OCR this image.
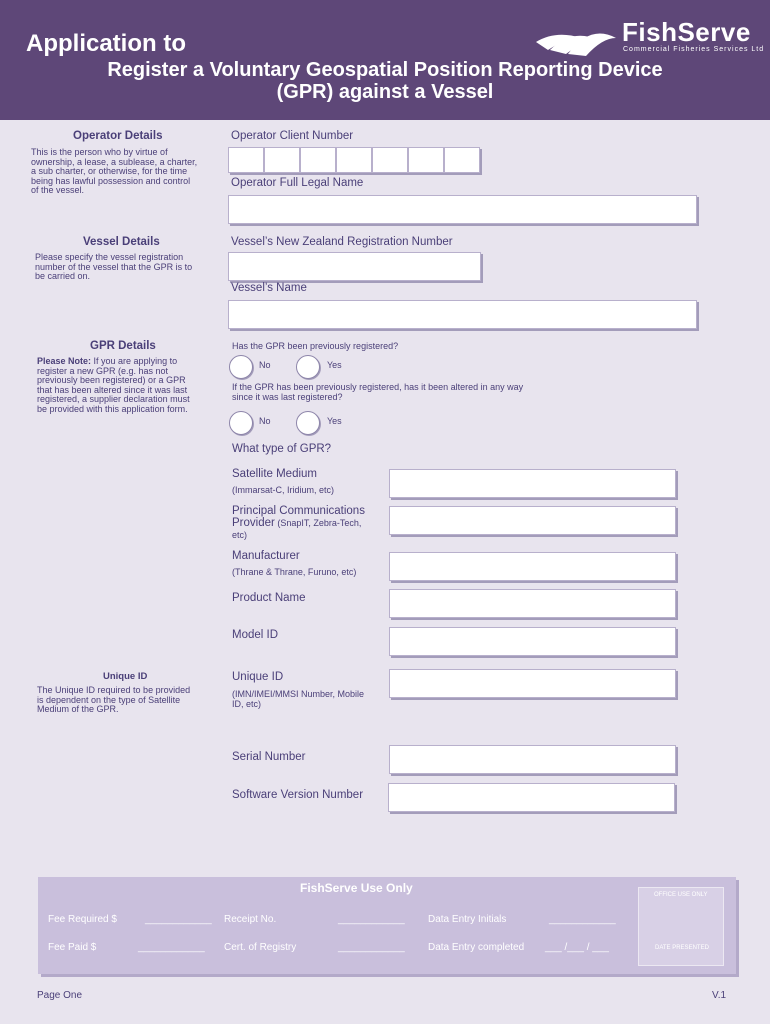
Application to
Register a Voluntary Geospatial Position Reporting Device
(GPR) against a Vessel
FishServe
Commercial Fisheries Services Ltd
Operator Details
This is the person who by virtue of
ownership, a lease, a sublease, a charter,
a sub charter, or otherwise, for the time
being has lawful possession and control
of the vessel.
Operator Client Number
Operator Full Legal Name
Vessel Details
Please specify the vessel registration
number of the vessel that the GPR is to
be carried on.
Vessel’s New Zealand Registration Number
Vessel’s Name
GPR Details
Please Note: If you are applying to
register a new GPR (e.g. has not
previously been registered) or a GPR
that has been altered since it was last
registered, a supplier declaration must
be provided with this application form.
Has the GPR been previously registered?
No	Yes
If the GPR has been previously registered, has it been altered in any way
since it was last registered?
No	Yes
What type of GPR?
Satellite Medium
(Immarsat-C, Iridium, etc)
Principal Communications
Provider (SnapIT, Zebra-Tech,
etc)
Manufacturer
(Thrane & Thrane, Furuno, etc)
Product Name
Model ID
Unique ID
The Unique ID required to be provided
is dependent on the type of Satellite
Medium of the GPR.
Unique ID
(IMN/IMEI/MMSI Number, Mobile
ID, etc)
Serial Number
Software Version Number
FishServe Use Only	OFFICE USE ONLY
DATE PRESENTED
Fee Required $	____________ Receipt No.	____________ Data Entry Initials	____________
Fee Paid $	____________ Cert. of Registry	____________ Data Entry completed ___ /___ / ___
Page One	V.1
